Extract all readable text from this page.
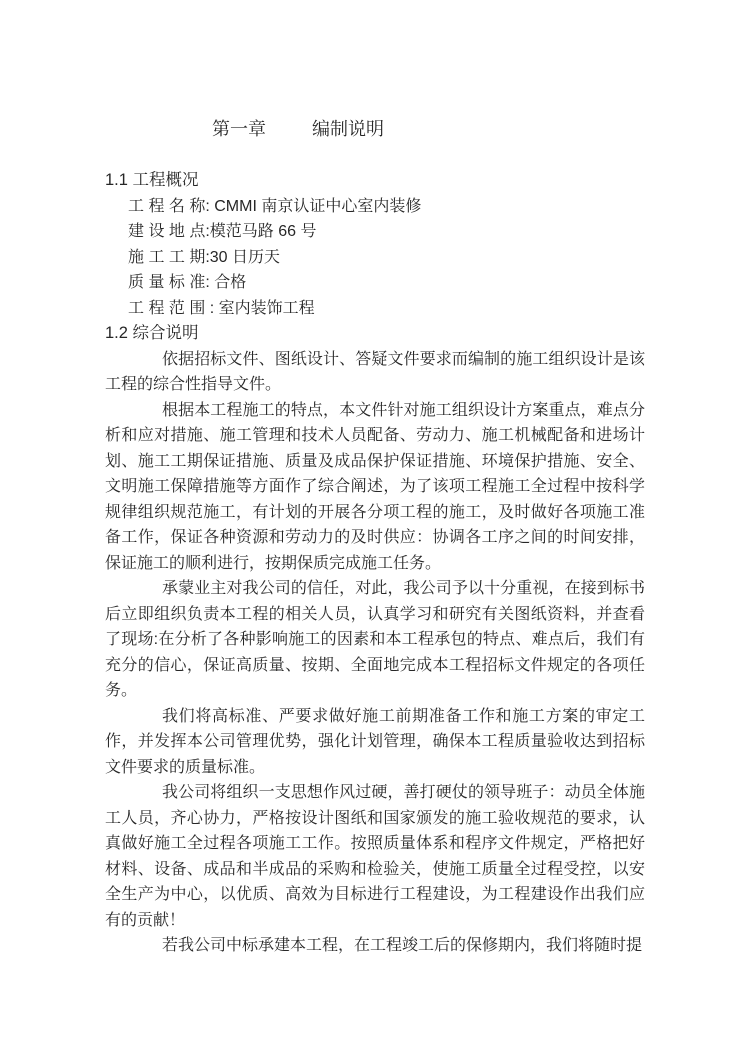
第一章	编制说明
1.1 工程概况
工 程 名 称: CMMI 南京认证中心室内装修
建 设 地 点:模范马路 66 号
施 工 工 期:30 日历天
质 量 标 准: 合格
工 程 范 围 : 室内装饰工程
1.2 综合说明

依据招标文件、图纸设计、答疑文件要求而编制的施工组织设计是该工程的综合性指导文件。

根据本工程施工的特点，本文件针对施工组织设计方案重点，难点分析和应对措施、施工管理和技术人员配备、劳动力、施工机械配备和进场计划、施工工期保证措施、质量及成品保护保证措施、环境保护措施、安全、文明施工保障措施等方面作了综合阐述，为了该项工程施工全过程中按科学规律组织规范施工，有计划的开展各分项工程的施工，及时做好各项施工准备工作，保证各种资源和劳动力的及时供应：协调各工序之间的时间安排，保证施工的顺利进行，按期保质完成施工任务。

承蒙业主对我公司的信任，对此，我公司予以十分重视，在接到标书后立即组织负责本工程的相关人员，认真学习和研究有关图纸资料，并查看了现场:在分析了各种影响施工的因素和本工程承包的特点、难点后，我们有充分的信心，保证高质量、按期、全面地完成本工程招标文件规定的各项任务。

我们将高标准、严要求做好施工前期准备工作和施工方案的审定工作，并发挥本公司管理优势，强化计划管理，确保本工程质量验收达到招标文件要求的质量标准。

我公司将组织一支思想作风过硬，善打硬仗的领导班子：动员全体施工人员，齐心协力，严格按设计图纸和国家颁发的施工验收规范的要求，认真做好施工全过程各项施工工作。按照质量体系和程序文件规定，严格把好材料、设备、成品和半成品的采购和检验关，使施工质量全过程受控，以安全生产为中心，以优质、高效为目标进行工程建设，为工程建设作出我们应有的贡献！

若我公司中标承建本工程，在工程竣工后的保修期内，我们将随时提
